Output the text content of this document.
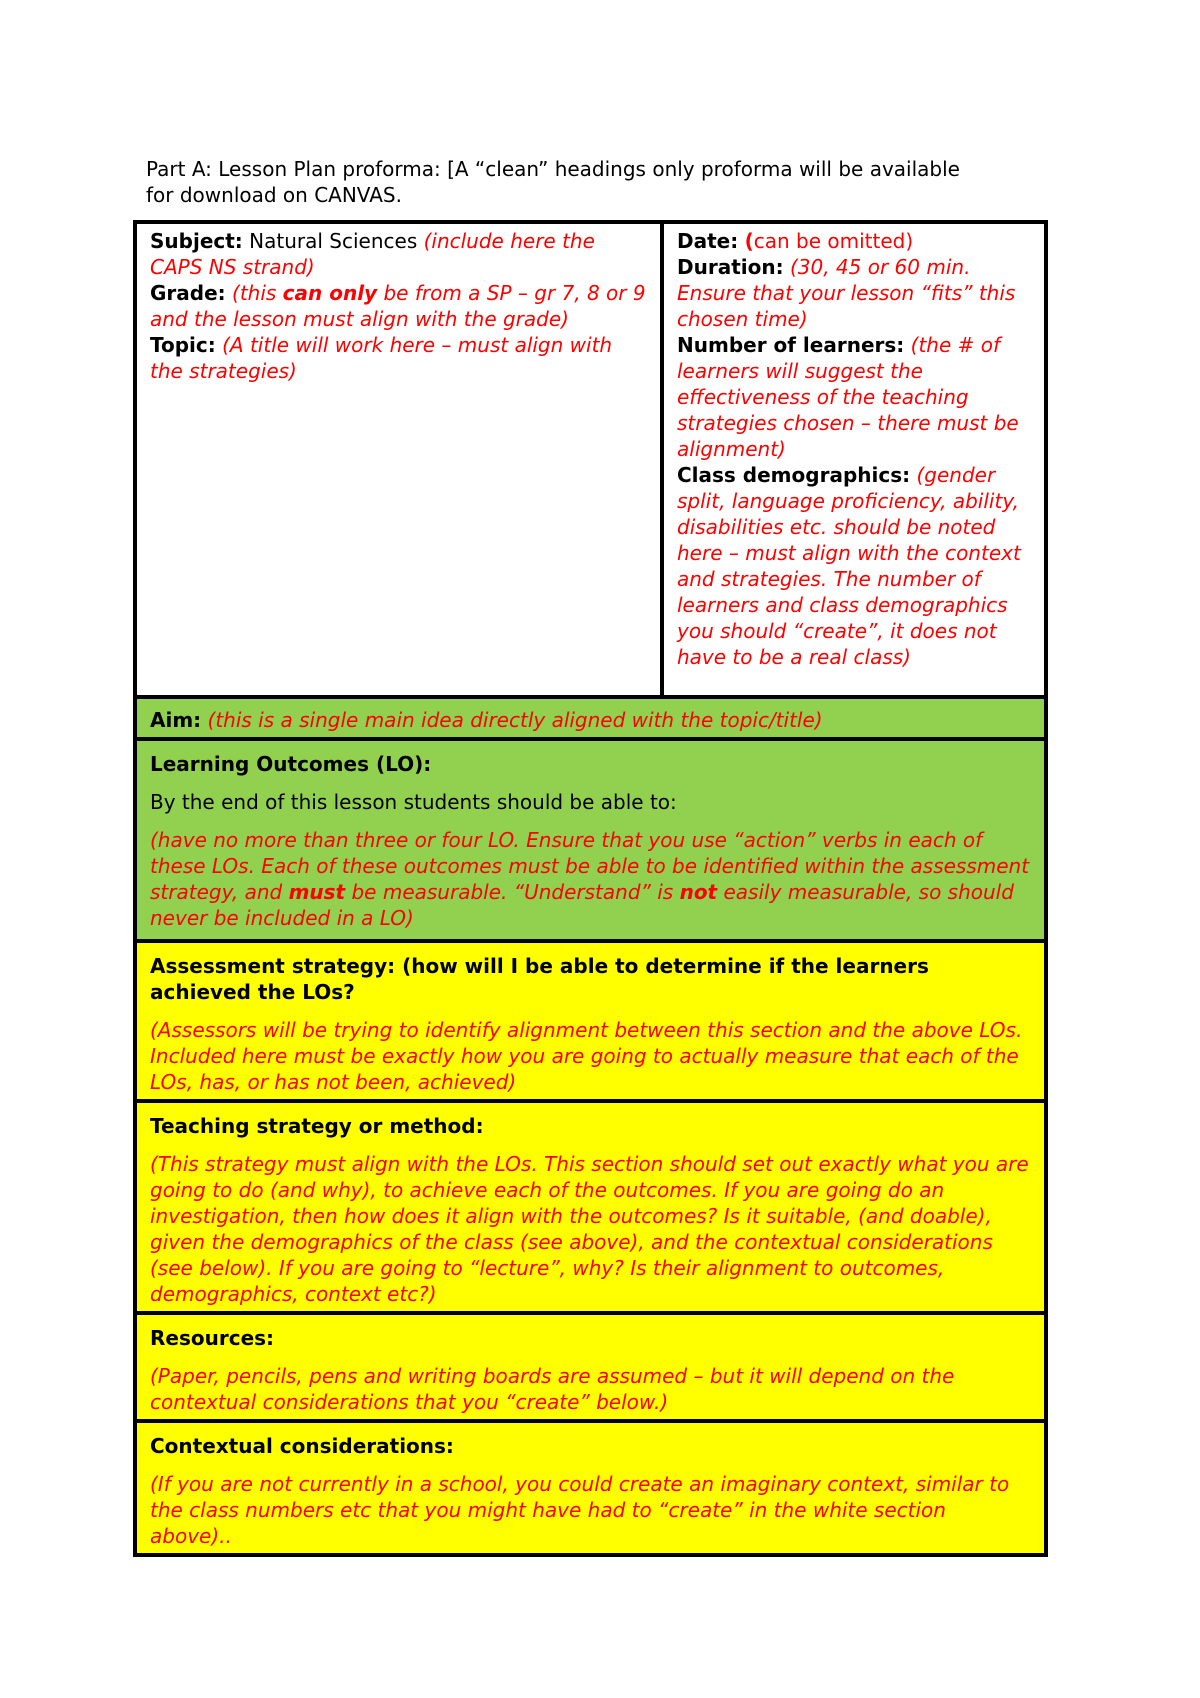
Part A: Lesson Plan proforma: [A “clean” headings only proforma will be available

for download on CANVAS.

Subject: Natural Sciences (include here the CAPS NS strand)

Grade: (this can only be from a SP – gr 7, 8 or 9 and the lesson must align with the grade)

Topic: (A title will work here – must align with the strategies)

Date: (can be omitted)

Duration: (30, 45 or 60 min. Ensure that your lesson “fits” this chosen time)

Number of learners: (the # of learners will suggest the effectiveness of the teaching strategies chosen – there must be alignment)

Class demographics: (gender split, language proficiency, ability, disabilities etc. should be noted here – must align with the context and strategies. The number of learners and class demographics you should “create”, it does not have to be a real class)

Aim: (this is a single main idea directly aligned with the topic/title)

Learning Outcomes (LO):

By the end of this lesson students should be able to:

(have no more than three or four LO. Ensure that you use “action” verbs in each of these LOs. Each of these outcomes must be able to be identified within the assessment strategy, and must be measurable. “Understand” is not easily measurable, so should never be included in a LO)

Assessment strategy: (how will I be able to determine if the learners achieved the LOs?

(Assessors will be trying to identify alignment between this section and the above LOs. Included here must be exactly how you are going to actually measure that each of the LOs, has, or has not been, achieved)

Teaching strategy or method:

(This strategy must align with the LOs. This section should set out exactly what you are going to do (and why), to achieve each of the outcomes. If you are going do an investigation, then how does it align with the outcomes? Is it suitable, (and doable), given the demographics of the class (see above), and the contextual considerations (see below). If you are going to “lecture”, why? Is their alignment to outcomes, demographics, context etc?)

Resources:

(Paper, pencils, pens and writing boards are assumed – but it will depend on the contextual considerations that you “create” below.)

Contextual considerations:

(If you are not currently in a school, you could create an imaginary context, similar to the class numbers etc that you might have had to “create” in the white section above)..
